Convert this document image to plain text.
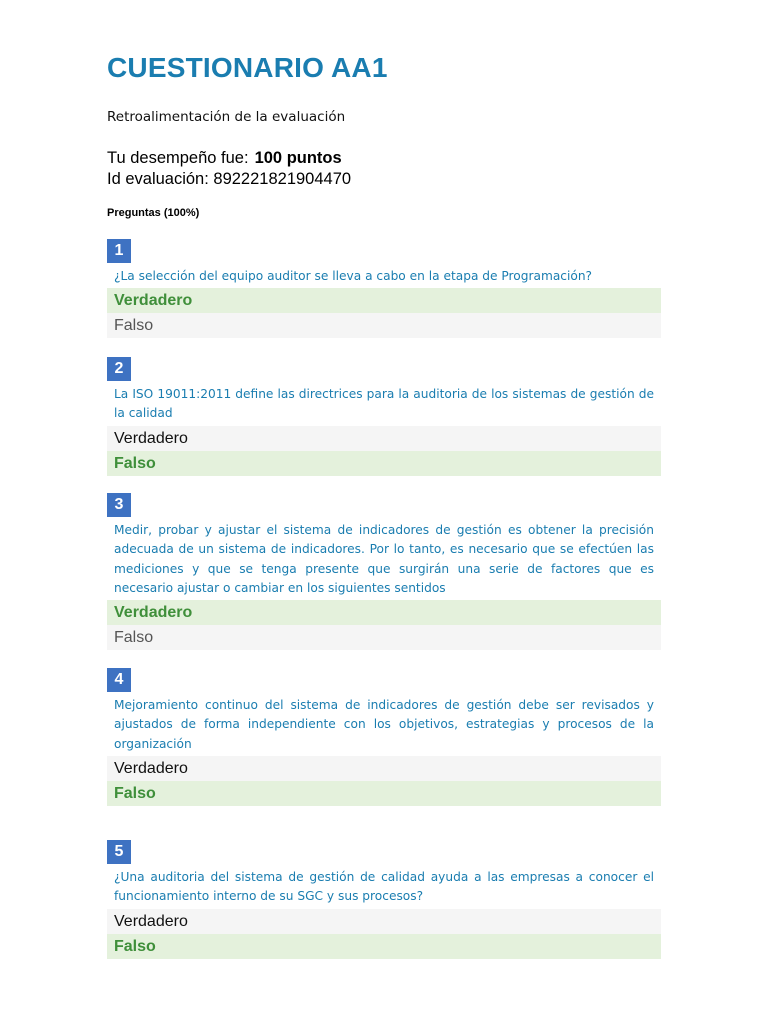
CUESTIONARIO AA1
Retroalimentación de la evaluación
Tu desempeño fue: 100 puntos
Id evaluación: 892221821904470
Preguntas (100%)
1
¿La selección del equipo auditor se lleva a cabo en la etapa de Programación?
Verdadero
Falso
2
La ISO 19011:2011 define las directrices para la auditoria de los sistemas de gestión de la calidad
Verdadero
Falso
3
Medir, probar y ajustar el sistema de indicadores de gestión es obtener la precisión adecuada de un sistema de indicadores. Por lo tanto, es necesario que se efectúen las mediciones y que se tenga presente que surgirán una serie de factores que es necesario ajustar o cambiar en los siguientes sentidos
Verdadero
Falso
4
Mejoramiento continuo del sistema de indicadores de gestión debe ser revisados y ajustados de forma independiente con los objetivos, estrategias y procesos de la organización
Verdadero
Falso
5
¿Una auditoria del sistema de gestión de calidad ayuda a las empresas a conocer el funcionamiento interno de su SGC y sus procesos?
Verdadero
Falso
